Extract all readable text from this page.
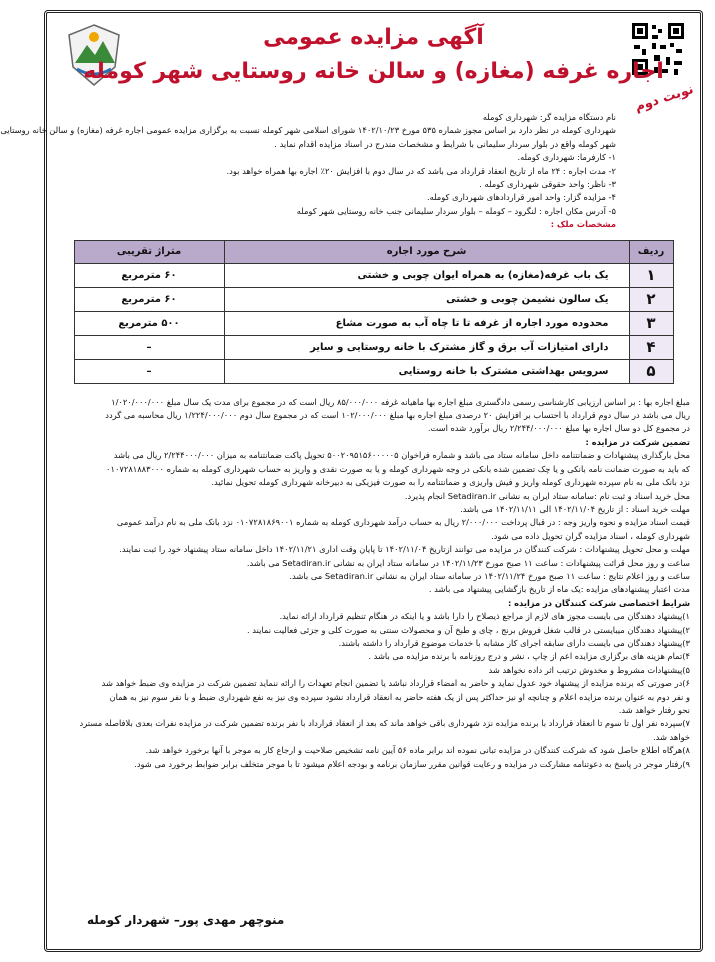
آگهی مزایده عمومی
اجاره غرفه (مغازه) و سالن خانه روستایی شهر کومله
نوبت دوم
نام دستگاه مزایده گر: شهرداری کومله
شهرداری کومله در نظر دارد بر اساس مجوز شماره ۵۳۵ مورخ ۱۴۰۲/۱۰/۲۳ شورای اسلامی شهر کومله نسبت به برگزاری مزایده عمومی اجاره غرفه (مغازه) و سالن خانه روستایی
شهر کومله واقع در بلوار سردار سلیمانی با شرایط و مشخصات مندرج در اسناد مزایده اقدام نماید .
۱- کارفرما: شهرداری کومله.
۲- مدت اجاره : ۲۴ ماه از تاریخ انعقاد قرارداد می باشد که در سال دوم با افزایش ۲۰٪ اجاره بها همراه خواهد بود.
۳- ناظر: واحد حقوقی شهرداری کومله .
۴- مزایده گزار: واحد امور قراردادهای شهرداری کومله.
۵- آدرس مکان اجاره : لنگرود – کومله – بلوار سردار سلیمانی جنب خانه روستایی شهر کومله
مشخصات ملک :
ردیف	شرح مورد اجاره	متراژ تقریبی
۱	یک باب غرفه(مغازه) به همراه ایوان چوبی و خشتی	۶۰ مترمربع
۲	یک سالون نشیمن چوبی و خشتی	۶۰ مترمربع
۳	محدوده مورد اجاره از غرفه تا تا چاه آب به صورت مشاع	۵۰۰ مترمربع
۴	دارای امتیازات آب برق و گاز مشترک با خانه روستایی و سایر	–
۵	سرویس بهداشتی مشترک با خانه روستایی	–
مبلغ اجاره بها : بر اساس ارزیابی کارشناسی رسمی دادگستری مبلغ اجاره بها ماهیانه غرفه ۸۵/۰۰۰/۰۰۰ ریال است که در مجموع برای مدت یک سال مبلغ ۱/۰۲۰/۰۰۰/۰۰۰
ریال می باشد در سال دوم قرارداد با احتساب بر افزایش ۲۰ درصدی مبلغ اجاره بها مبلغ ۱۰۲/۰۰۰/۰۰۰ است که در مجموع سال دوم ۱/۲۲۴/۰۰۰/۰۰۰ ریال محاسبه می گردد
در مجموع کل دو سال اجاره بها مبلغ ۲/۲۴۴/۰۰۰/۰۰۰ ریال برآورد شده است.
تضمین شرکت در مزایده :
محل بارگذاری پیشنهادات و ضمانتنامه داخل سامانه ستاد می باشد و شماره فراخوان ۵۰۰۲۰۹۵۱۵۶۰۰۰۰۰۵ تحویل پاکت ضمانتنامه به میزان ۲/۲۴۴۰۰۰/۰۰۰ ریال می باشد
که باید به صورت ضمانت نامه بانکی و یا چک تضمین شده بانکی در وجه شهرداری کومله و یا به صورت نقدی و واریز به حساب شهرداری کومله به شماره ۰۱۰۷۲۸۱۸۸۳۰۰۰
نزد بانک ملی به نام سپرده شهرداری کومله واریز و فیش واریزی و ضمانتنامه را به صورت فیزیکی به دبیرخانه شهرداری کومله تحویل نمائید.
محل خرید اسناد و ثبت نام :سامانه ستاد ایران به نشانی Setadiran.ir انجام پذیرد.
مهلت خرید اسناد : از تاریخ ۱۴۰۲/۱۱/۰۴ الی ۱۴۰۲/۱۱/۱۱ می باشد.
قیمت اسناد مزایده و نحوه واریز وجه : در قبال پرداخت ۲/۰۰۰/۰۰۰ ریال به حساب درآمد شهرداری کومله به شماره ۰۱۰۷۲۸۱۸۶۹۰۰۱ نزد بانک ملی به نام درآمد عمومی
شهرداری کومله ، اسناد مزایده گران تحویل داده می شود.
مهلت و محل تحویل پیشنهادات : شرکت کنندگان در مزایده می توانند ازتاریخ ۱۴۰۲/۱۱/۰۴ تا پایان وقت اداری ۱۴۰۲/۱۱/۲۱ داخل سامانه ستاد پیشنهاد خود را ثبت نمایند.
ساعت و روز محل قرائت پیشنهادات : ساعت ۱۱ صبح مورخ ۱۴۰۲/۱۱/۲۳ در سامانه ستاد ایران به نشانی Setadiran.ir می باشد.
ساعت و روز اعلام نتایج : ساعت ۱۱ صبح مورخ ۱۴۰۲/۱۱/۲۴ در سامانه ستاد ایران به نشانی Setadiran.ir می باشد.
مدت اعتبار پیشنهادهای مزایده :یک ماه از تاریخ بازگشایی پیشنهاد می باشد .
شرایط اختصاصی شرکت کنندگان در مزایده :
۱)پیشنهاد دهندگان می بایست مجوز های لازم از مراجع ذیصلاح را دارا باشد و یا اینکه در هنگام تنظیم قرارداد ارائه نماید.
۲)پیشنهاد دهندگان میبایستی در قالب شغل فروش برنج ، چای و طبخ آن و محصولات سنتی به صورت کلی و جزئی فعالیت نمایند .
۳)پیشنهاد دهندگان می بایست دارای سابقه اجرای کار مشابه با خدمات موضوع قرارداد را داشته باشند.
۴)تمام هزینه های برگزاری مزایده اعم از چاپ ، نشر و درج روزنامه با برنده مزایده می باشد .
۵)پیشنهادات مشروط و مخدوش ترتیب اثر داده نخواهد شد
۶)در صورتی که برنده مزایده از پیشنهاد خود عدول نماید و حاضر به امضاء قرارداد نباشد یا تضمین انجام تعهدات را ارائه ننماید تضمین شرکت در مزایده وی ضبط خواهد شد
و نفر دوم به عنوان برنده مزایده اعلام و چنانچه او نیز حداکثر پس از یک هفته حاضر به انعقاد قرارداد نشود سپرده وی نیز به نفع شهرداری ضبط و با نفر سوم نیز به همان
نحو رفتار خواهد شد.
۷)سپرده نفر اول تا سوم تا انعقاد قرارداد با برنده مزایده نزد شهرداری باقی خواهد ماند که بعد از انعقاد قرارداد با نفر برنده تضمین شرکت در مزایده نفرات بعدی بلافاصله مسترد
خواهد شد.
۸)هرگاه اطلاع حاصل شود که شرکت کنندگان در مزایده تبانی نموده اند برابر ماده ۵۶ آیین نامه تشخیص صلاحیت و ارجاع کار به موجر با آنها برخورد خواهد شد.
۹)رفتار موجر در پاسخ به دعوتنامه مشارکت در مزایده و رعایت قوانین مقرر سازمان برنامه و بودجه اعلام میشود تا با موجر متخلف برابر ضوابط برخورد می شود.
منوچهر مهدی پور– شهردار کومله
